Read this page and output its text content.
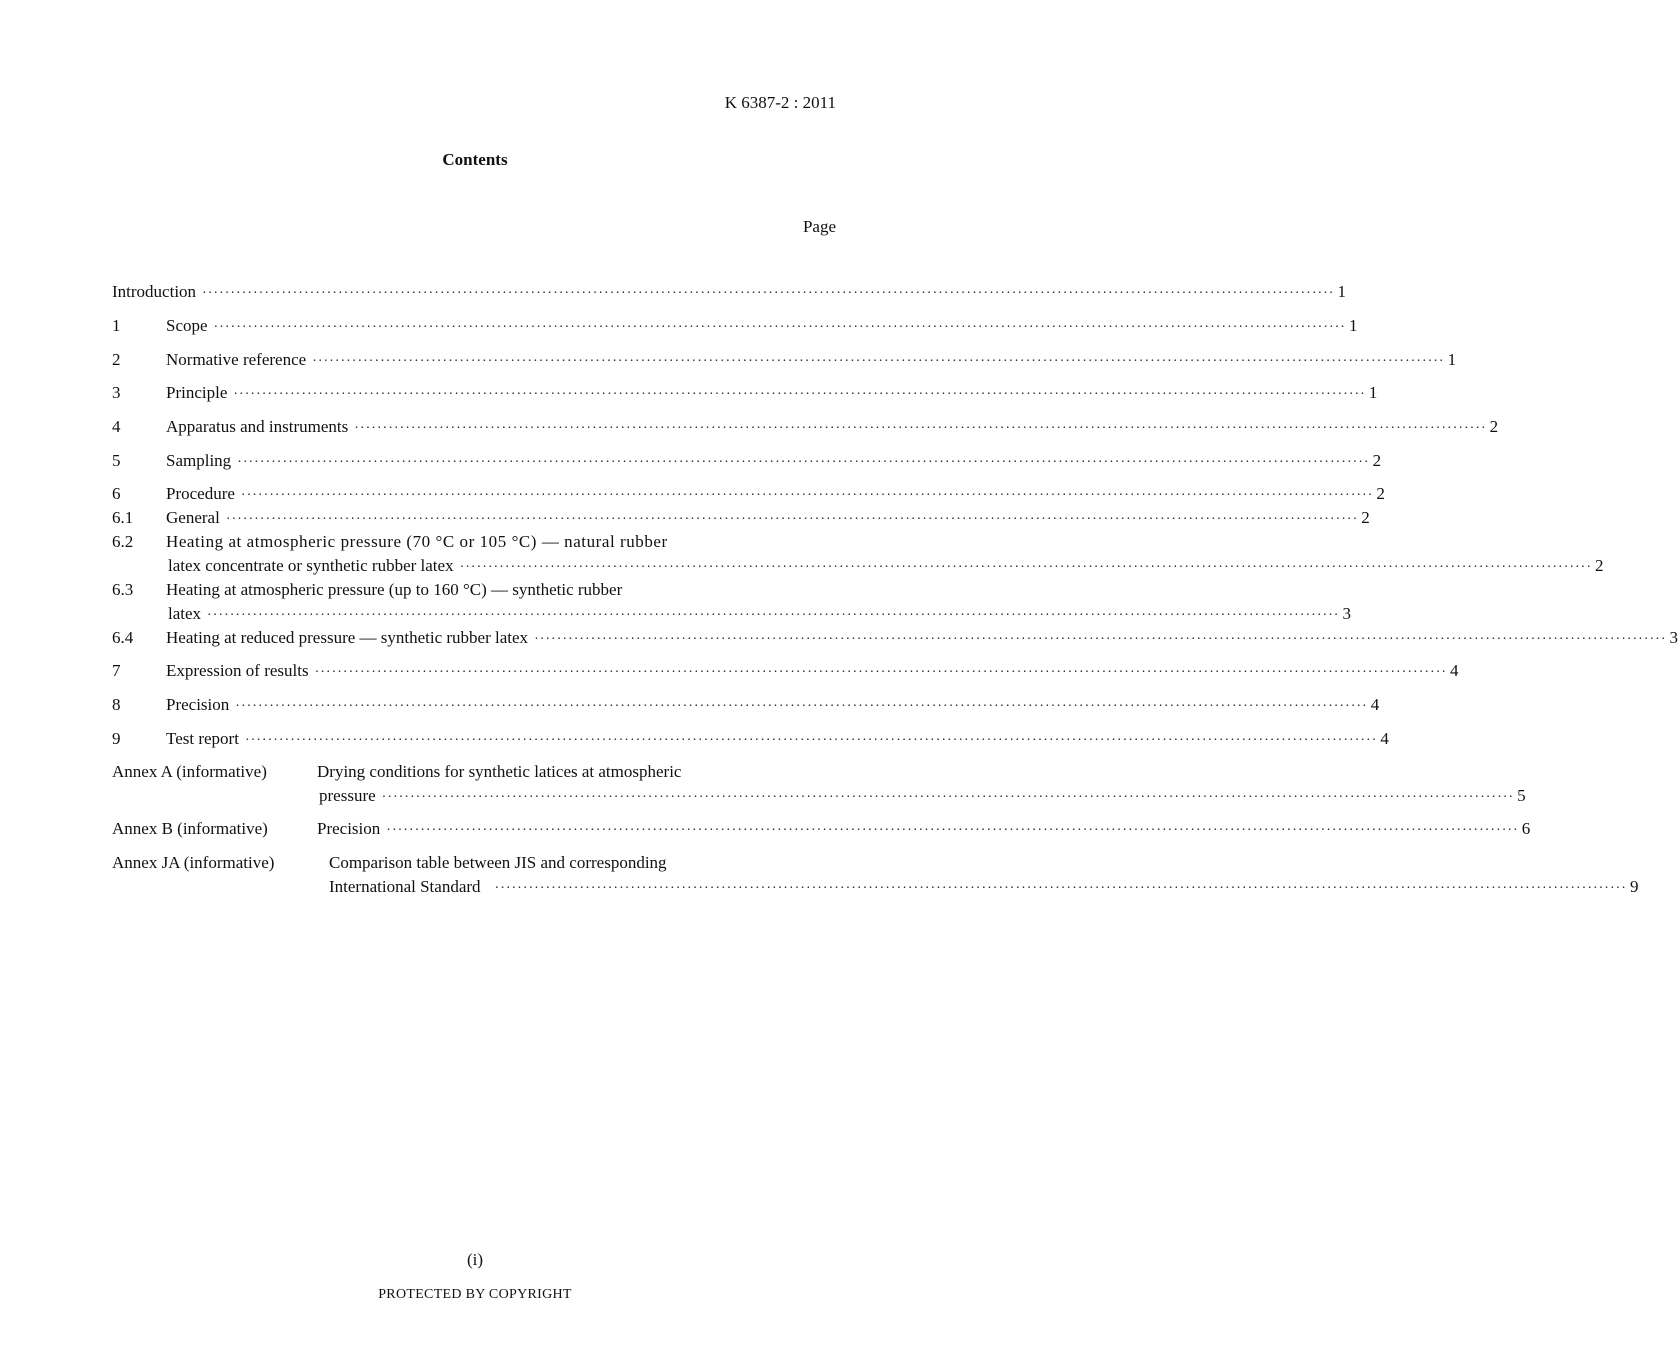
K 6387-2 : 2011
Contents
Page
Introduction ········································································································································································································ 1
1	Scope ········································································································································································································ 1
2	Normative reference ········································································································································································································ 1
3	Principle ········································································································································································································ 1
4	Apparatus and instruments ········································································································································································································ 2
5	Sampling ········································································································································································································ 2
6	Procedure ········································································································································································································ 2
6.1 General ········································································································································································································ 2
6.2 Heating at atmospheric pressure (70 °C or 105 °C) — natural rubber
latex concentrate or synthetic rubber latex ········································································································································································································ 2
6.3 Heating at atmospheric pressure (up to 160 °C) — synthetic rubber
latex ········································································································································································································ 3
6.4 Heating at reduced pressure — synthetic rubber latex ········································································································································································································ 3
7	Expression of results ········································································································································································································ 4
8	Precision ········································································································································································································ 4
9	Test report ········································································································································································································ 4
Annex A (informative)	Drying conditions for synthetic latices at atmospheric
pressure ········································································································································································································ 5
Annex B (informative)	Precision ········································································································································································································ 6
Annex JA (informative)	Comparison table between JIS and corresponding
International Standard ········································································································································································································ 9
(i)
PROTECTED BY COPYRIGHT
